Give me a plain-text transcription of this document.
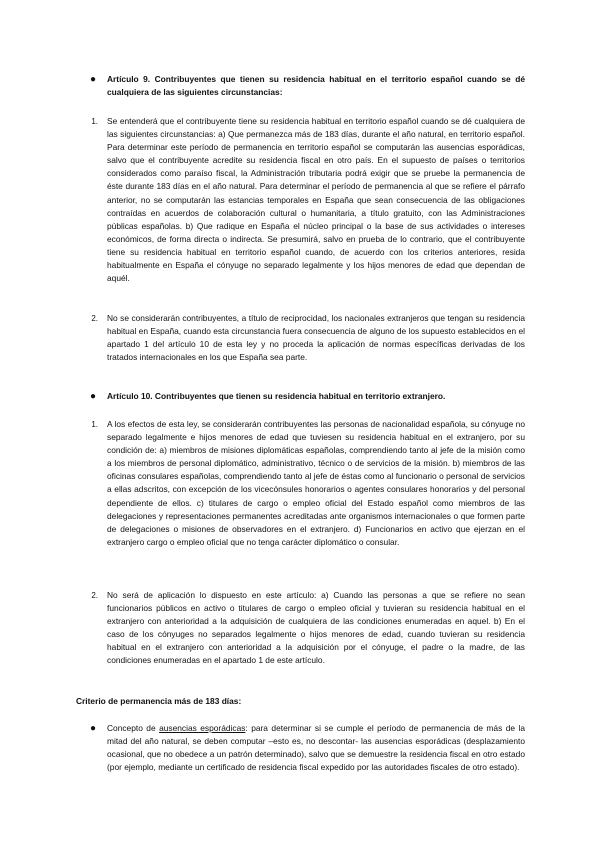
● Artículo 9. Contribuyentes que tienen su residencia habitual en el territorio español cuando se dé cualquiera de las siguientes circunstancias:
1. Se entenderá que el contribuyente tiene su residencia habitual en territorio español cuando se dé cualquiera de las siguientes circunstancias: a) Que permanezca más de 183 días, durante el año natural, en territorio español. Para determinar este período de permanencia en territorio español se computarán las ausencias esporádicas, salvo que el contribuyente acredite su residencia fiscal en otro país. En el supuesto de países o territorios considerados como paraíso fiscal, la Administración tributaria podrá exigir que se pruebe la permanencia de éste durante 183 días en el año natural. Para determinar el período de permanencia al que se refiere el párrafo anterior, no se computarán las estancias temporales en España que sean consecuencia de las obligaciones contraídas en acuerdos de colaboración cultural o humanitaria, a título gratuito, con las Administraciones públicas españolas. b) Que radique en España el núcleo principal o la base de sus actividades o intereses económicos, de forma directa o indirecta. Se presumirá, salvo en prueba de lo contrario, que el contribuyente tiene su residencia habitual en territorio español cuando, de acuerdo con los criterios anteriores, resida habitualmente en España el cónyuge no separado legalmente y los hijos menores de edad que dependan de aquél.
2. No se considerarán contribuyentes, a título de reciprocidad, los nacionales extranjeros que tengan su residencia habitual en España, cuando esta circunstancia fuera consecuencia de alguno de los supuesto establecidos en el apartado 1 del artículo 10 de esta ley y no proceda la aplicación de normas específicas derivadas de los tratados internacionales en los que España sea parte.
● Artículo 10. Contribuyentes que tienen su residencia habitual en territorio extranjero.
1. A los efectos de esta ley, se considerarán contribuyentes las personas de nacionalidad española, su cónyuge no separado legalmente e hijos menores de edad que tuviesen su residencia habitual en el extranjero, por su condición de: a) miembros de misiones diplomáticas españolas, comprendiendo tanto al jefe de la misión como a los miembros de personal diplomático, administrativo, técnico o de servicios de la misión. b) miembros de las oficinas consulares españolas, comprendiendo tanto al jefe de éstas como al funcionario o personal de servicios a ellas adscritos, con excepción de los vicecónsules honorarios o agentes consulares honorarios y del personal dependiente de ellos. c) titulares de cargo o empleo oficial del Estado español como miembros de las delegaciones y representaciones permanentes acreditadas ante organismos internacionales o que formen parte de delegaciones o misiones de observadores en el extranjero. d) Funcionarios en activo que ejerzan en el extranjero cargo o empleo oficial que no tenga carácter diplomático o consular.
2. No será de aplicación lo dispuesto en este artículo: a) Cuando las personas a que se refiere no sean funcionarios públicos en activo o titulares de cargo o empleo oficial y tuvieran su residencia habitual en el extranjero con anterioridad a la adquisición de cualquiera de las condiciones enumeradas en aquel. b) En el caso de los cónyuges no separados legalmente o hijos menores de edad, cuando tuvieran su residencia habitual en el extranjero con anterioridad a la adquisición por el cónyuge, el padre o la madre, de las condiciones enumeradas en el apartado 1 de este artículo.
Criterio de permanencia más de 183 días:
● Concepto de ausencias esporádicas: para determinar si se cumple el período de permanencia de más de la mitad del año natural, se deben computar –esto es, no descontar- las ausencias esporádicas (desplazamiento ocasional, que no obedece a un patrón determinado), salvo que se demuestre la residencia fiscal en otro estado (por ejemplo, mediante un certificado de residencia fiscal expedido por las autoridades fiscales de otro estado).
